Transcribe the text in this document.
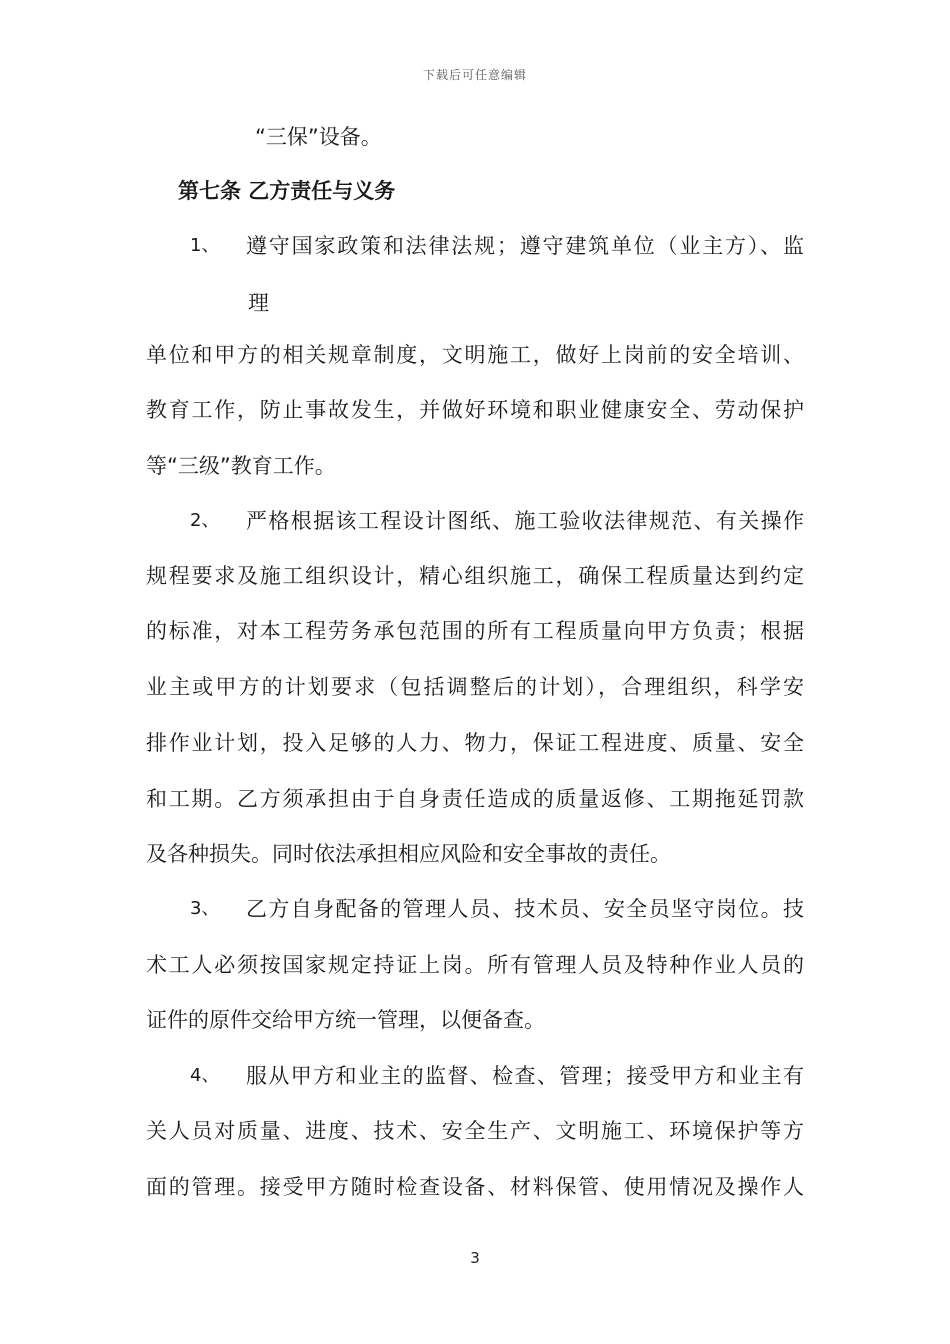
下载后可任意编辑
“三保”设备。
第七条 乙方责任与义务
1、 遵守国家政策和法律法规；遵守建筑单位（业主方）、监
理
单位和甲方的相关规章制度，文明施工，做好上岗前的安全培训、
教育工作，防止事故发生，并做好环境和职业健康安全、劳动保护
等“三级”教育工作。
2、 严格根据该工程设计图纸、施工验收法律规范、有关操作
规程要求及施工组织设计，精心组织施工，确保工程质量达到约定
的标准，对本工程劳务承包范围的所有工程质量向甲方负责；根据
业主或甲方的计划要求（包括调整后的计划），合理组织，科学安
排作业计划，投入足够的人力、物力，保证工程进度、质量、安全
和工期。乙方须承担由于自身责任造成的质量返修、工期拖延罚款
及各种损失。同时依法承担相应风险和安全事故的责任。
3、 乙方自身配备的管理人员、技术员、安全员坚守岗位。技
术工人必须按国家规定持证上岗。所有管理人员及特种作业人员的
证件的原件交给甲方统一管理，以便备查。
4、 服从甲方和业主的监督、检查、管理；接受甲方和业主有
关人员对质量、进度、技术、安全生产、文明施工、环境保护等方
面的管理。接受甲方随时检查设备、材料保管、使用情况及操作人
3
